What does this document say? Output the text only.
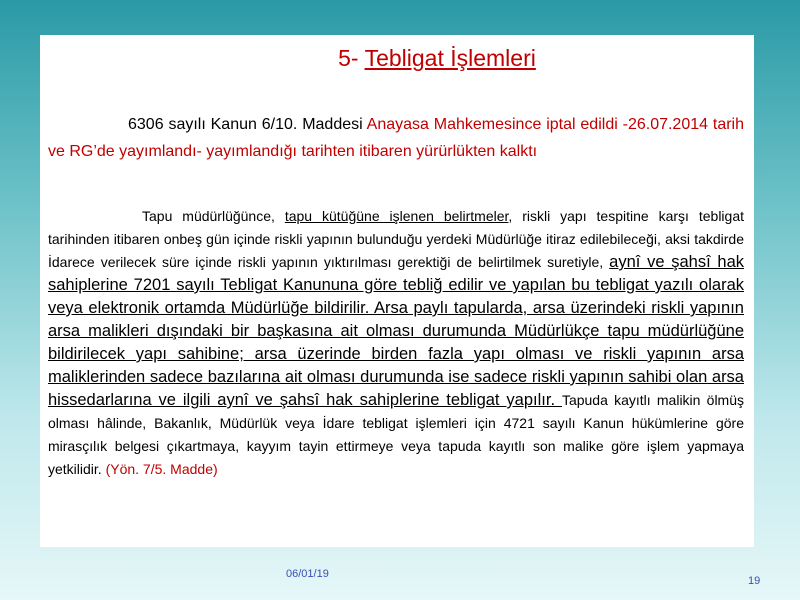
5- Tebligat İşlemleri
6306 sayılı Kanun 6/10. Maddesi Anayasa Mahkemesince iptal edildi -26.07.2014 tarih ve RG’de yayımlandı- yayımlandığı tarihten itibaren yürürlükten kalktı
Tapu müdürlüğünce, tapu kütüğüne işlenen belirtmeler, riskli yapı tespitine karşı tebligat tarihinden itibaren onbeş gün içinde riskli yapının bulunduğu yerdeki Müdürlüğe itiraz edilebileceği, aksi takdirde İdarece verilecek süre içinde riskli yapının yıktırılması gerektiği de belirtilmek suretiyle, aynî ve şahsî hak sahiplerine 7201 sayılı Tebligat Kanununa göre tebliğ edilir ve yapılan bu tebligat yazılı olarak veya elektronik ortamda Müdürlüğe bildirilir. Arsa paylı tapularda, arsa üzerindeki riskli yapının arsa malikleri dışındaki bir başkasına ait olması durumunda Müdürlükçe tapu müdürlüğüne bildirilecek yapı sahibine; arsa üzerinde birden fazla yapı olması ve riskli yapının arsa maliklerinden sadece bazılarına ait olması durumunda ise sadece riskli yapının sahibi olan arsa hissedarlarına ve ilgili aynî ve şahsî hak sahiplerine tebligat yapılır. Tapuda kayıtlı malikin ölmüş olması hâlinde, Bakanlık, Müdürlük veya İdare tebligat işlemleri için 4721 sayılı Kanun hükümlerine göre mirasçılık belgesi çıkartmaya, kayyım tayin ettirmeye veya tapuda kayıtlı son malike göre işlem yapmaya yetkilidir. (Yön. 7/5. Madde)
06/01/19
19
